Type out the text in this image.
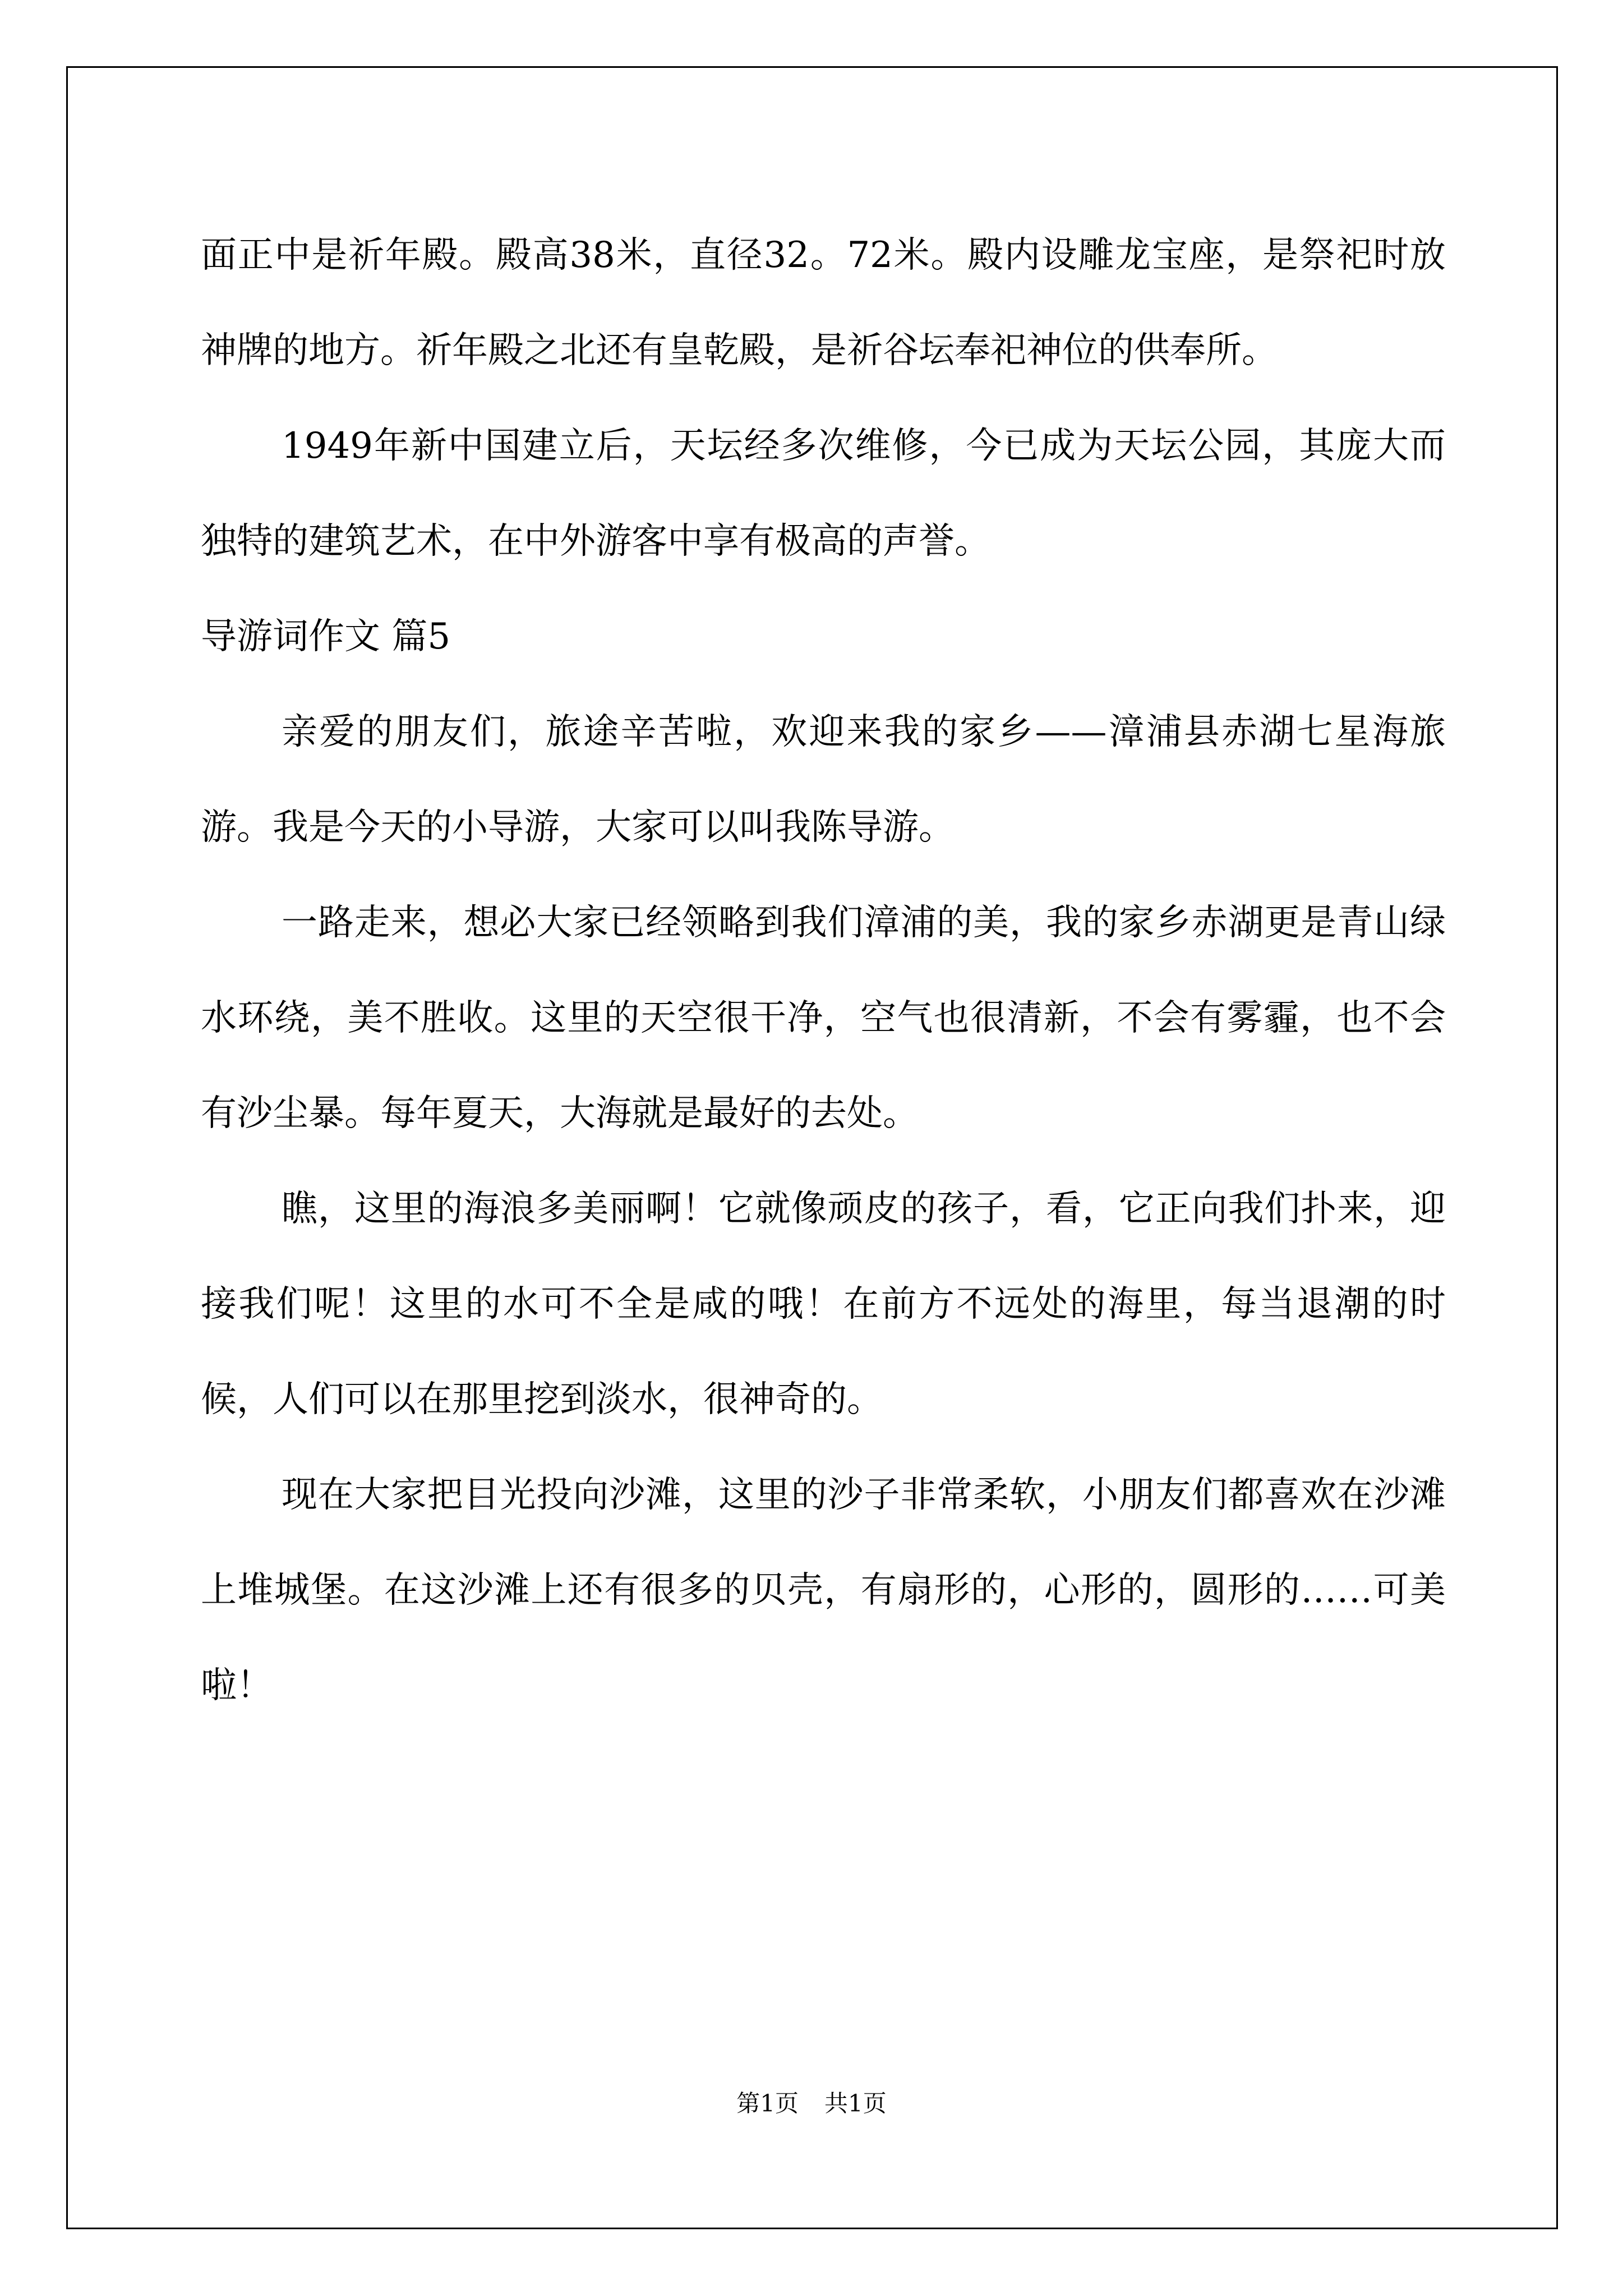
面正中是祈年殿。殿高38米，直径32。72米。殿内设雕龙宝座，是祭祀时放神牌的地方。祈年殿之北还有皇乾殿，是祈谷坛奉祀神位的供奉所。

1949年新中国建立后，天坛经多次维修，今已成为天坛公园，其庞大而独特的建筑艺术，在中外游客中享有极高的声誉。

导游词作文 篇5

亲爱的朋友们，旅途辛苦啦，欢迎来我的家乡——漳浦县赤湖七星海旅游。我是今天的小导游，大家可以叫我陈导游。

一路走来，想必大家已经领略到我们漳浦的美，我的家乡赤湖更是青山绿水环绕，美不胜收。这里的天空很干净，空气也很清新，不会有雾霾，也不会有沙尘暴。每年夏天，大海就是最好的去处。

瞧，这里的海浪多美丽啊！它就像顽皮的孩子，看，它正向我们扑来，迎接我们呢！这里的水可不全是咸的哦！在前方不远处的海里，每当退潮的时候，人们可以在那里挖到淡水，很神奇的。

现在大家把目光投向沙滩，这里的沙子非常柔软，小朋友们都喜欢在沙滩上堆城堡。在这沙滩上还有很多的贝壳，有扇形的，心形的，圆形的……可美啦！

第1页 共1页
